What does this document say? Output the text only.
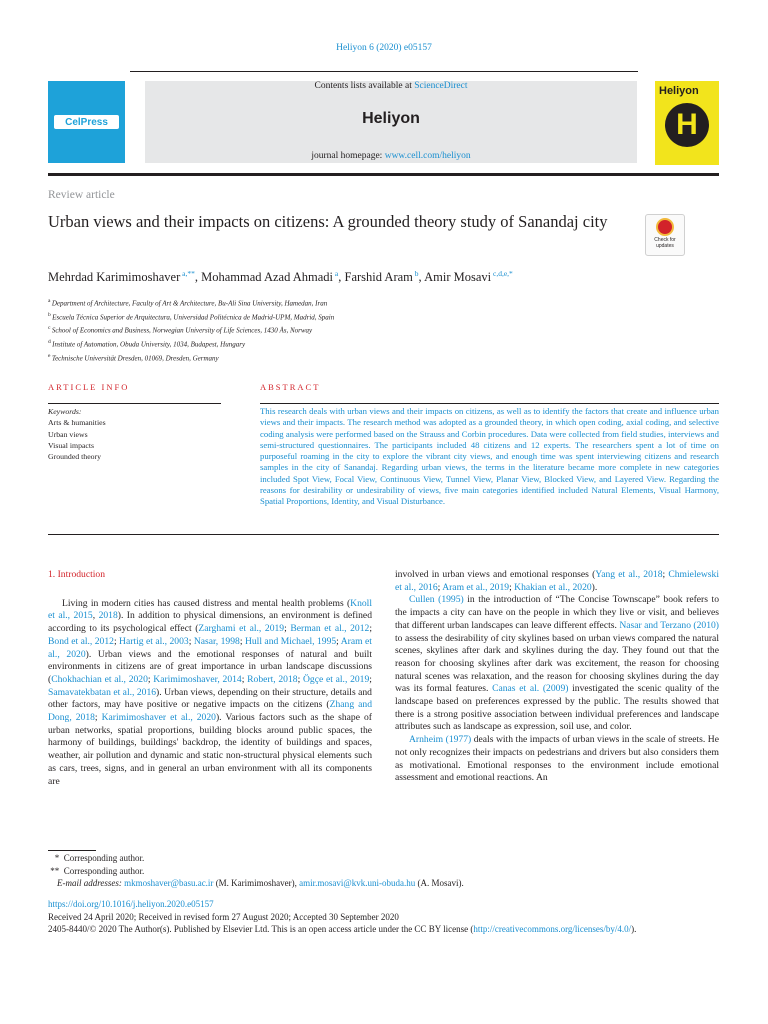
Heliyon 6 (2020) e05157
CelPress
Contents lists available at ScienceDirect
Heliyon
journal homepage: www.cell.com/heliyon
Heliyon
H
Review article
Urban views and their impacts on citizens: A grounded theory study of Sanandaj city
Check for updates
Mehrdad Karimimoshaver $^{a,**}$, Mohammad Azad Ahmadi $^a$, Farshid Aram $^b$, Amir Mosavi $^{c,d,e,*}$
$^a$ Department of Architecture, Faculty of Art & Architecture, Bu-Ali Sina University, Hamedan, Iran
$^b$ Escuela Técnica Superior de Arquitectura, Universidad Politécnica de Madrid-UPM, Madrid, Spain
$^c$ School of Economics and Business, Norwegian University of Life Sciences, 1430 Ås, Norway
$^d$ Institute of Automation, Obuda University, 1034, Budapest, Hungary
$^e$ Technische Universität Dresden, 01069, Dresden, Germany
ARTICLE INFO	ABSTRACT
Keywords:
Arts & humanities
Urban views
Visual impacts
Grounded theory
This research deals with urban views and their impacts on citizens, as well as to identify the factors that create and influence urban views and their impacts. The research method was adopted as a grounded theory, in which open coding, axial coding, and selective coding analysis were performed based on the Strauss and Corbin procedures. Data were collected from field studies, interviews and semi-structured questionnaires. The participants included 48 citizens and 12 experts. The researchers spent a lot of time on purposeful roaming in the city to explore the vibrant city views, and enough time was spent interviewing citizens and research samples in the city of Sanandaj. Regarding urban views, the terms in the literature became more complete in new categories included Spot View, Focal View, Continuous View, Tunnel View, Planar View, Blocked View, and Layered View. Regarding the reasons for desirability or undesirability of views, five main categories identified included Natural Elements, Visual Harmony, Spatial Proportions, Identity, and Visual Disturbance.
1. Introduction

Living in modern cities has caused distress and mental health problems (Knoll et al., 2015, 2018). In addition to physical dimensions, an environment is defined according to its psychological effect (Zarghami et al., 2019; Berman et al., 2012; Bond et al., 2012; Hartig et al., 2003; Nasar, 1998; Hull and Michael, 1995; Aram et al., 2020). Urban views and the emotional responses of natural and built environments in citizens are of great importance in urban landscape discussions (Chokhachian et al., 2020; Karimimoshaver, 2014; Robert, 2018; Ögçe et al., 2019; Samavatekbatan et al., 2016). Urban views, depending on their structure, details and other factors, may have positive or negative impacts on the citizens (Zhang and Dong, 2018; Karimimoshaver et al., 2020). Various factors such as the shape of urban networks, spatial proportions, building blocks around public spaces, the harmony of buildings, buildings' backdrop, the identity of buildings and spaces, weather, air pollution and dynamic and static non-structural physical elements such as cars, trees, signs, and in general an urban environment with all its components are

involved in urban views and emotional responses (Yang et al., 2018; Chmielewski et al., 2016; Aram et al., 2019; Khakian et al., 2020).

Cullen (1995) in the introduction of “The Concise Townscape” book refers to the impacts a city can have on the people in which they live or visit, and believes that different urban landscapes can leave different effects. Nasar and Terzano (2010) to assess the desirability of city skylines based on urban views compared the natural scenes, skylines after dark and skylines during the day. They found out that the reason for choosing skylines after dark was excitement, the reason for choosing natural scenes was relaxation, and the reason for choosing skylines during the day was its formal features. Canas et al. (2009) investigated the scenic quality of the landscape based on preferences expressed by the public. The results showed that there is a strong positive association between individual preferences and landscape attributes such as landscape as expression, soil use, and color.

Arnheim (1977) deals with the impacts of urban views in the scale of streets. He not only recognizes their impacts on pedestrians and drivers but also considers them as motivational. Emotional responses to the environment include emotional assessment and emotional reactions. An

* Corresponding author.
** Corresponding author.
E-mail addresses: mkmoshaver@basu.ac.ir (M. Karimimoshaver), amir.mosavi@kvk.uni-obuda.hu (A. Mosavi).
https://doi.org/10.1016/j.heliyon.2020.e05157
Received 24 April 2020; Received in revised form 27 August 2020; Accepted 30 September 2020
2405-8440/© 2020 The Author(s). Published by Elsevier Ltd. This is an open access article under the CC BY license (http://creativecommons.org/licenses/by/4.0/).
